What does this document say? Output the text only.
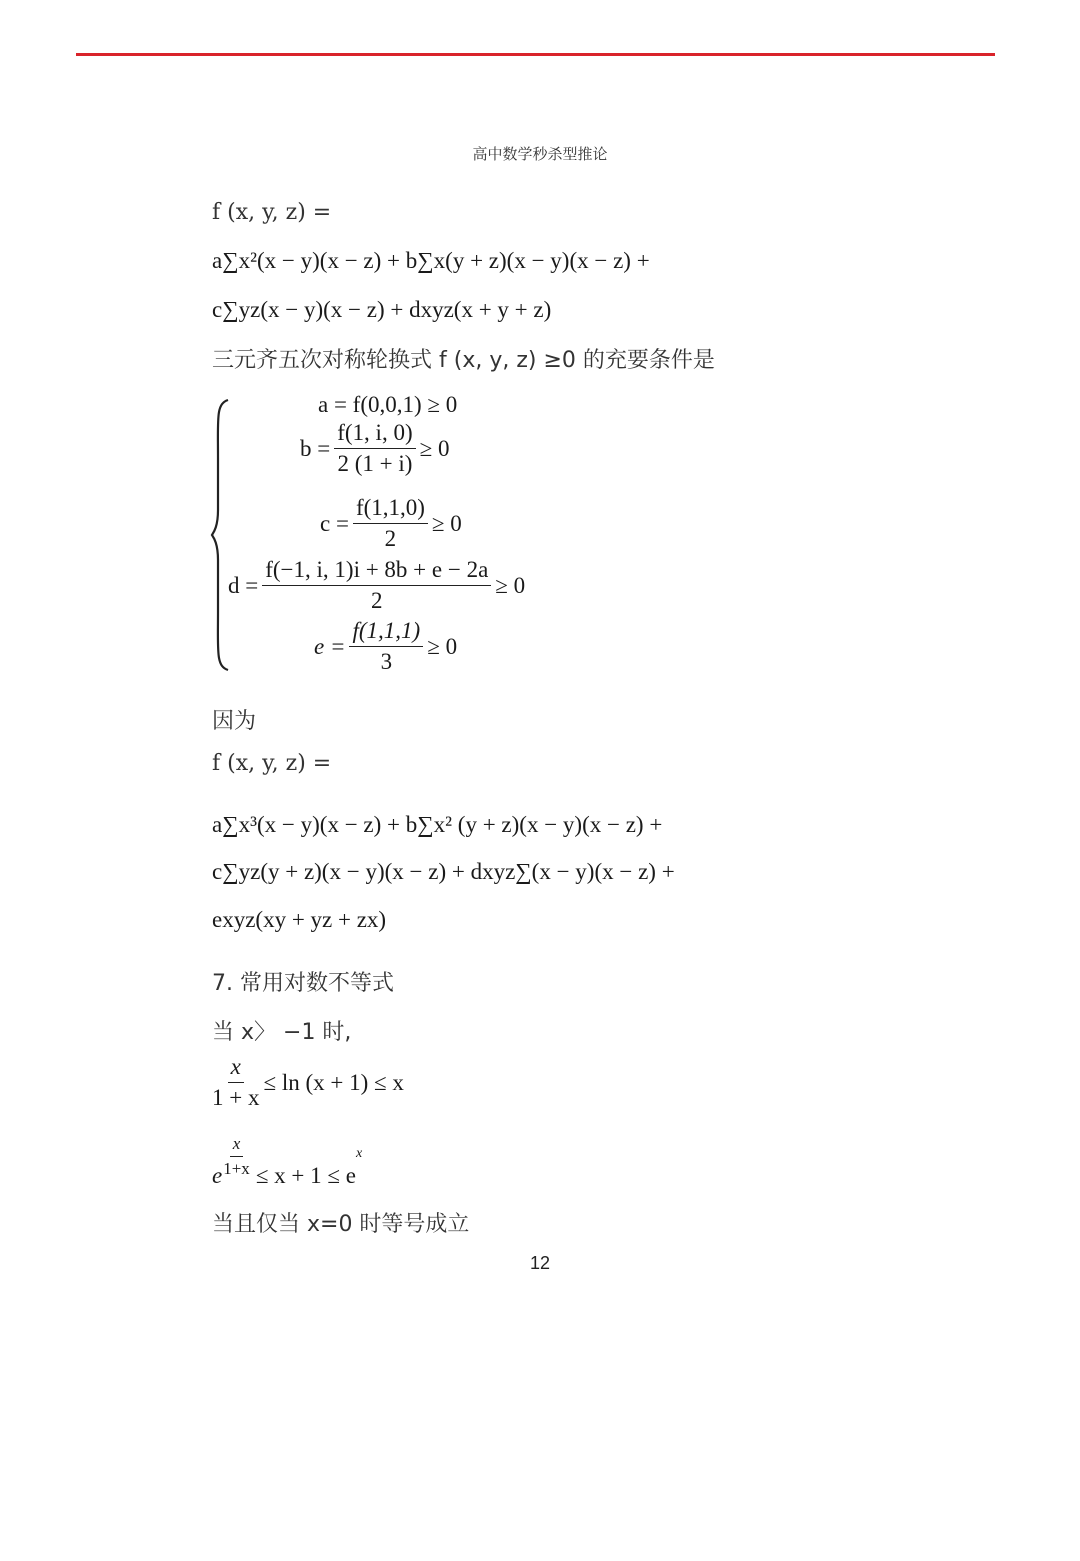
高中数学秒杀型推论
f (x, y, z) =
a∑x²(x − y)(x − z) + b∑x(y + z)(x − y)(x − z) +
c∑yz(x − y)(x − z) + dxyz(x + y + z)
三元齐五次对称轮换式 f (x, y, z) ≥0 的充要条件是
a = f(0,0,1) ≥ 0
$b = \frac{f(1, i, 0)}{2 (1 + i)} \ge 0$
$c = \frac{f(1,1,0)}{2} \ge 0$
$d = \frac{f(-1, i, 1)i + 8b + e - 2a}{2} \ge 0$
$e = \frac{f(1,1,1)}{3} \ge 0$
因为
f (x, y, z) =
a∑x³(x − y)(x − z) + b∑x² (y + z)(x − y)(x − z) +
c∑yz(y + z)(x − y)(x − z) + dxyz∑(x − y)(x − z) +
exyz(xy + yz + zx)
7. 常用对数不等式
当 x〉 −1 时,
$\frac{x}{1 + x} \le \ln (x + 1) \le x$
e $\frac{x}{1+x} \le x + 1 \le e$
x
当且仅当 x=0 时等号成立
12
